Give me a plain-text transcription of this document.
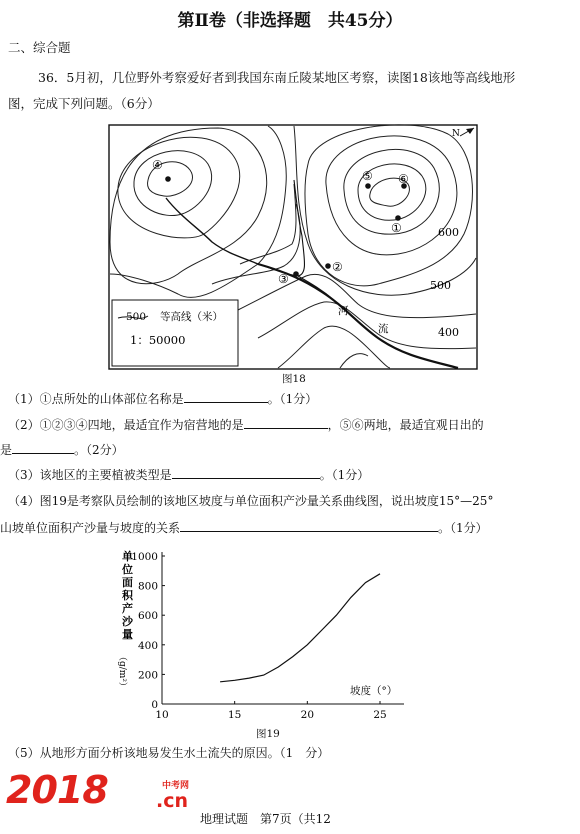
第Ⅱ卷（非选择题　共45分）
二、综合题
36．5月初，几位野外考察爱好者到我国东南丘陵某地区考察，读图18该地等高线地形
图，完成下列问题。（6分）
N
600
500
400
河
流
①
②
③
④
⑤ ⑥
500 等高线（米）
1：50000
图18
（1）①点所处的山体部位名称是	。（1分）
（2）①②③④四地，最适宜作为宿营地的是	，⑤⑥两地，最适宜观日出的
是	。（2分）
（3）该地区的主要植被类型是	。（1分）
（4）图19是考察队员绘制的该地区坡度与单位面积产沙量关系曲线图，说出坡度15°—25°
山坡单位面积产沙量与坡度的关系	。（1分）
单
位
面
积
产
沙
量
（g/m²）
10	15	20	25
0
200
400
600
800
1000
坡度（°）
图19
（5）从地形方面分析该地易发生水土流失的原因。（1　分）
2018	中考网
.cn
地理试题　第7页（共12
